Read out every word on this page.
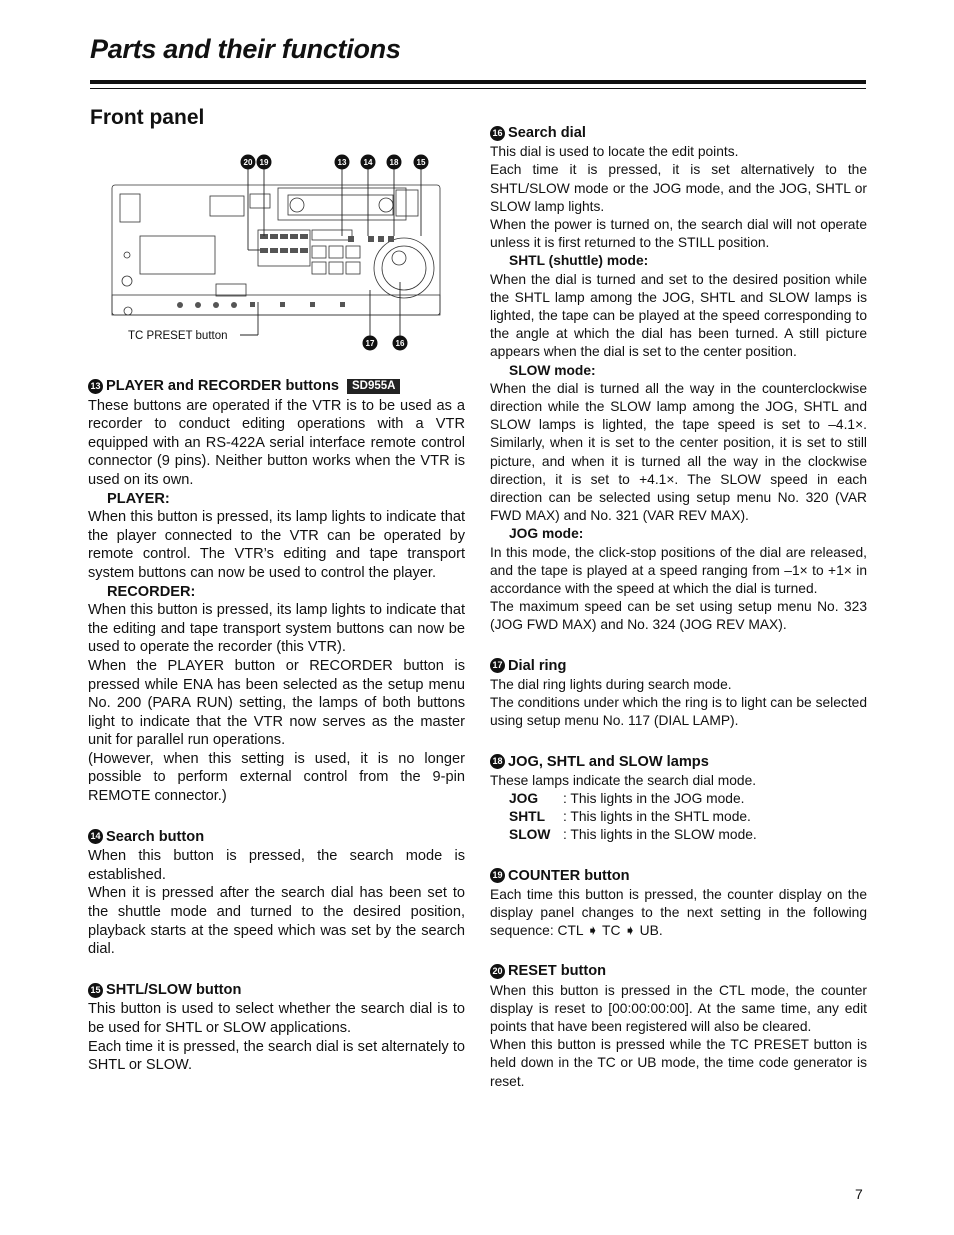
Parts and their functions
Front panel
20 19	13 14 18 15
17	16
TC PRESET button
13 PLAYER and RECORDER buttons	SD955A

These buttons are operated if the VTR is to be used as a recorder to conduct editing operations with a VTR equipped with an RS-422A serial interface remote control connector (9 pins). Neither button works when the VTR is used on its own.

PLAYER:

When this button is pressed, its lamp lights to indicate that the player connected to the VTR can be operated by remote control. The VTR’s editing and tape transport system buttons can now be used to control the player.

RECORDER:

When this button is pressed, its lamp lights to indicate that the editing and tape transport system buttons can now be used to operate the recorder (this VTR).

When the PLAYER button or RECORDER button is pressed while ENA has been selected as the setup menu No. 200 (PARA RUN) setting, the lamps of both buttons light to indicate that the VTR now serves as the master unit for parallel run operations.

(However, when this setting is used, it is no longer possible to perform external control from the 9-pin REMOTE connector.)

14 Search button

When this button is pressed, the search mode is established.

When it is pressed after the search dial has been set to the shuttle mode and turned to the desired position, playback starts at the speed which was set by the search dial.

15 SHTL/SLOW button

This button is used to select whether the search dial is to be used for SHTL or SLOW applications.

Each time it is pressed, the search dial is set alternately to SHTL or SLOW.

16 Search dial

This dial is used to locate the edit points.

Each time it is pressed, it is set alternatively to the SHTL/SLOW mode or the JOG mode, and the JOG, SHTL or SLOW lamp lights.

When the power is turned on, the search dial will not operate unless it is first returned to the STILL position.

SHTL (shuttle) mode:

When the dial is turned and set to the desired position while the SHTL lamp among the JOG, SHTL and SLOW lamps is lighted, the tape can be played at the speed corresponding to the angle at which the dial has been turned. A still picture appears when the dial is set to the center position.

SLOW mode:

When the dial is turned all the way in the counterclockwise direction while the SLOW lamp among the JOG, SHTL and SLOW lamps is lighted, the tape speed is set to –4.1×. Similarly, when it is set to the center position, it is set to still picture, and when it is turned all the way in the clockwise direction, it is set to +4.1×. The SLOW speed in each direction can be selected using setup menu No. 320 (VAR FWD MAX) and No. 321 (VAR REV MAX).

JOG mode:

In this mode, the click-stop positions of the dial are released, and the tape is played at a speed ranging from –1× to +1× in accordance with the speed at which the dial is turned.

The maximum speed can be set using setup menu No. 323 (JOG FWD MAX) and No. 324 (JOG REV MAX).

17 Dial ring

The dial ring lights during search mode.

The conditions under which the ring is to light can be selected using setup menu No. 117 (DIAL LAMP).

18 JOG, SHTL and SLOW lamps

These lamps indicate the search dial mode.

JOG	: This lights in the JOG mode.
SHTL	: This lights in the SHTL mode.
SLOW : This lights in the SLOW mode.
19 COUNTER button

Each time this button is pressed, the counter display on the display panel changes to the next setting in the following sequence: CTL ➧ TC ➧ UB.

20 RESET button

When this button is pressed in the CTL mode, the counter display is reset to [00:00:00:00]. At the same time, any edit points that have been registered will also be cleared.

When this button is pressed while the TC PRESET button is held down in the TC or UB mode, the time code generator is reset.

7
